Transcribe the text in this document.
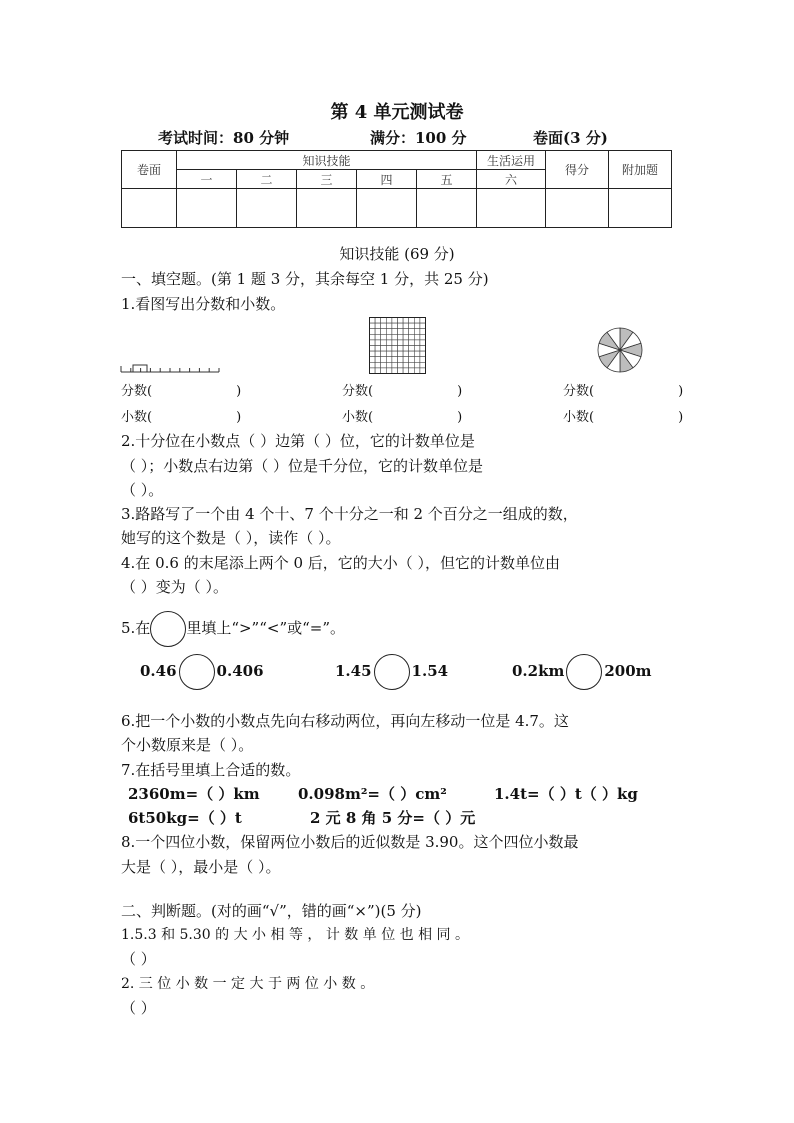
第 4 单元测试卷
考试时间：80 分钟	满分：100 分	卷面(3 分)
卷面	知识技能					生活运用	得分	附加题
	一	二	三	四	五	六		

知识技能 (69 分)
一、填空题。(第 1 题 3 分，其余每空 1 分，共 25 分)
1.看图写出分数和小数。
分数(	)
小数(	)
分数(	)
小数(	)
分数(	)
小数(	)
2.十分位在小数点（ ）边第（ ）位，它的计数单位是
（ ）；小数点右边第（ ）位是千分位，它的计数单位是
（ ）。
3.路路写了一个由 4 个十、7 个十分之一和 2 个百分之一组成的数，
她写的这个数是（ ），读作（ ）。
4.在 0.6 的末尾添上两个 0 后，它的大小（ ），但它的计数单位由
（ ）变为（ ）。
5.在 里填上“>”“<”或“=”。
0.46	0.406	1.45	1.54	0.2km	200m
6.把一个小数的小数点先向右移动两位，再向左移动一位是 4.7。这
个小数原来是（ ）。
7.在括号里填上合适的数。
2360m=（ ）km	0.098m²=（ ）cm²	1.4t=（ ）t（ ）kg
6t50kg=（ ）t	2 元 8 角 5 分=（ ）元
8.一个四位小数，保留两位小数后的近似数是 3.90。这个四位小数最
大是（ ），最小是（ ）。
二、判断题。(对的画“√”，错的画“×”)(5 分)
1.5.3 和 5.30 的 大 小 相 等 ， 计 数 单 位 也 相 同 。
（ ）
2. 三 位 小 数 一 定 大 于 两 位 小 数 。
（ ）
